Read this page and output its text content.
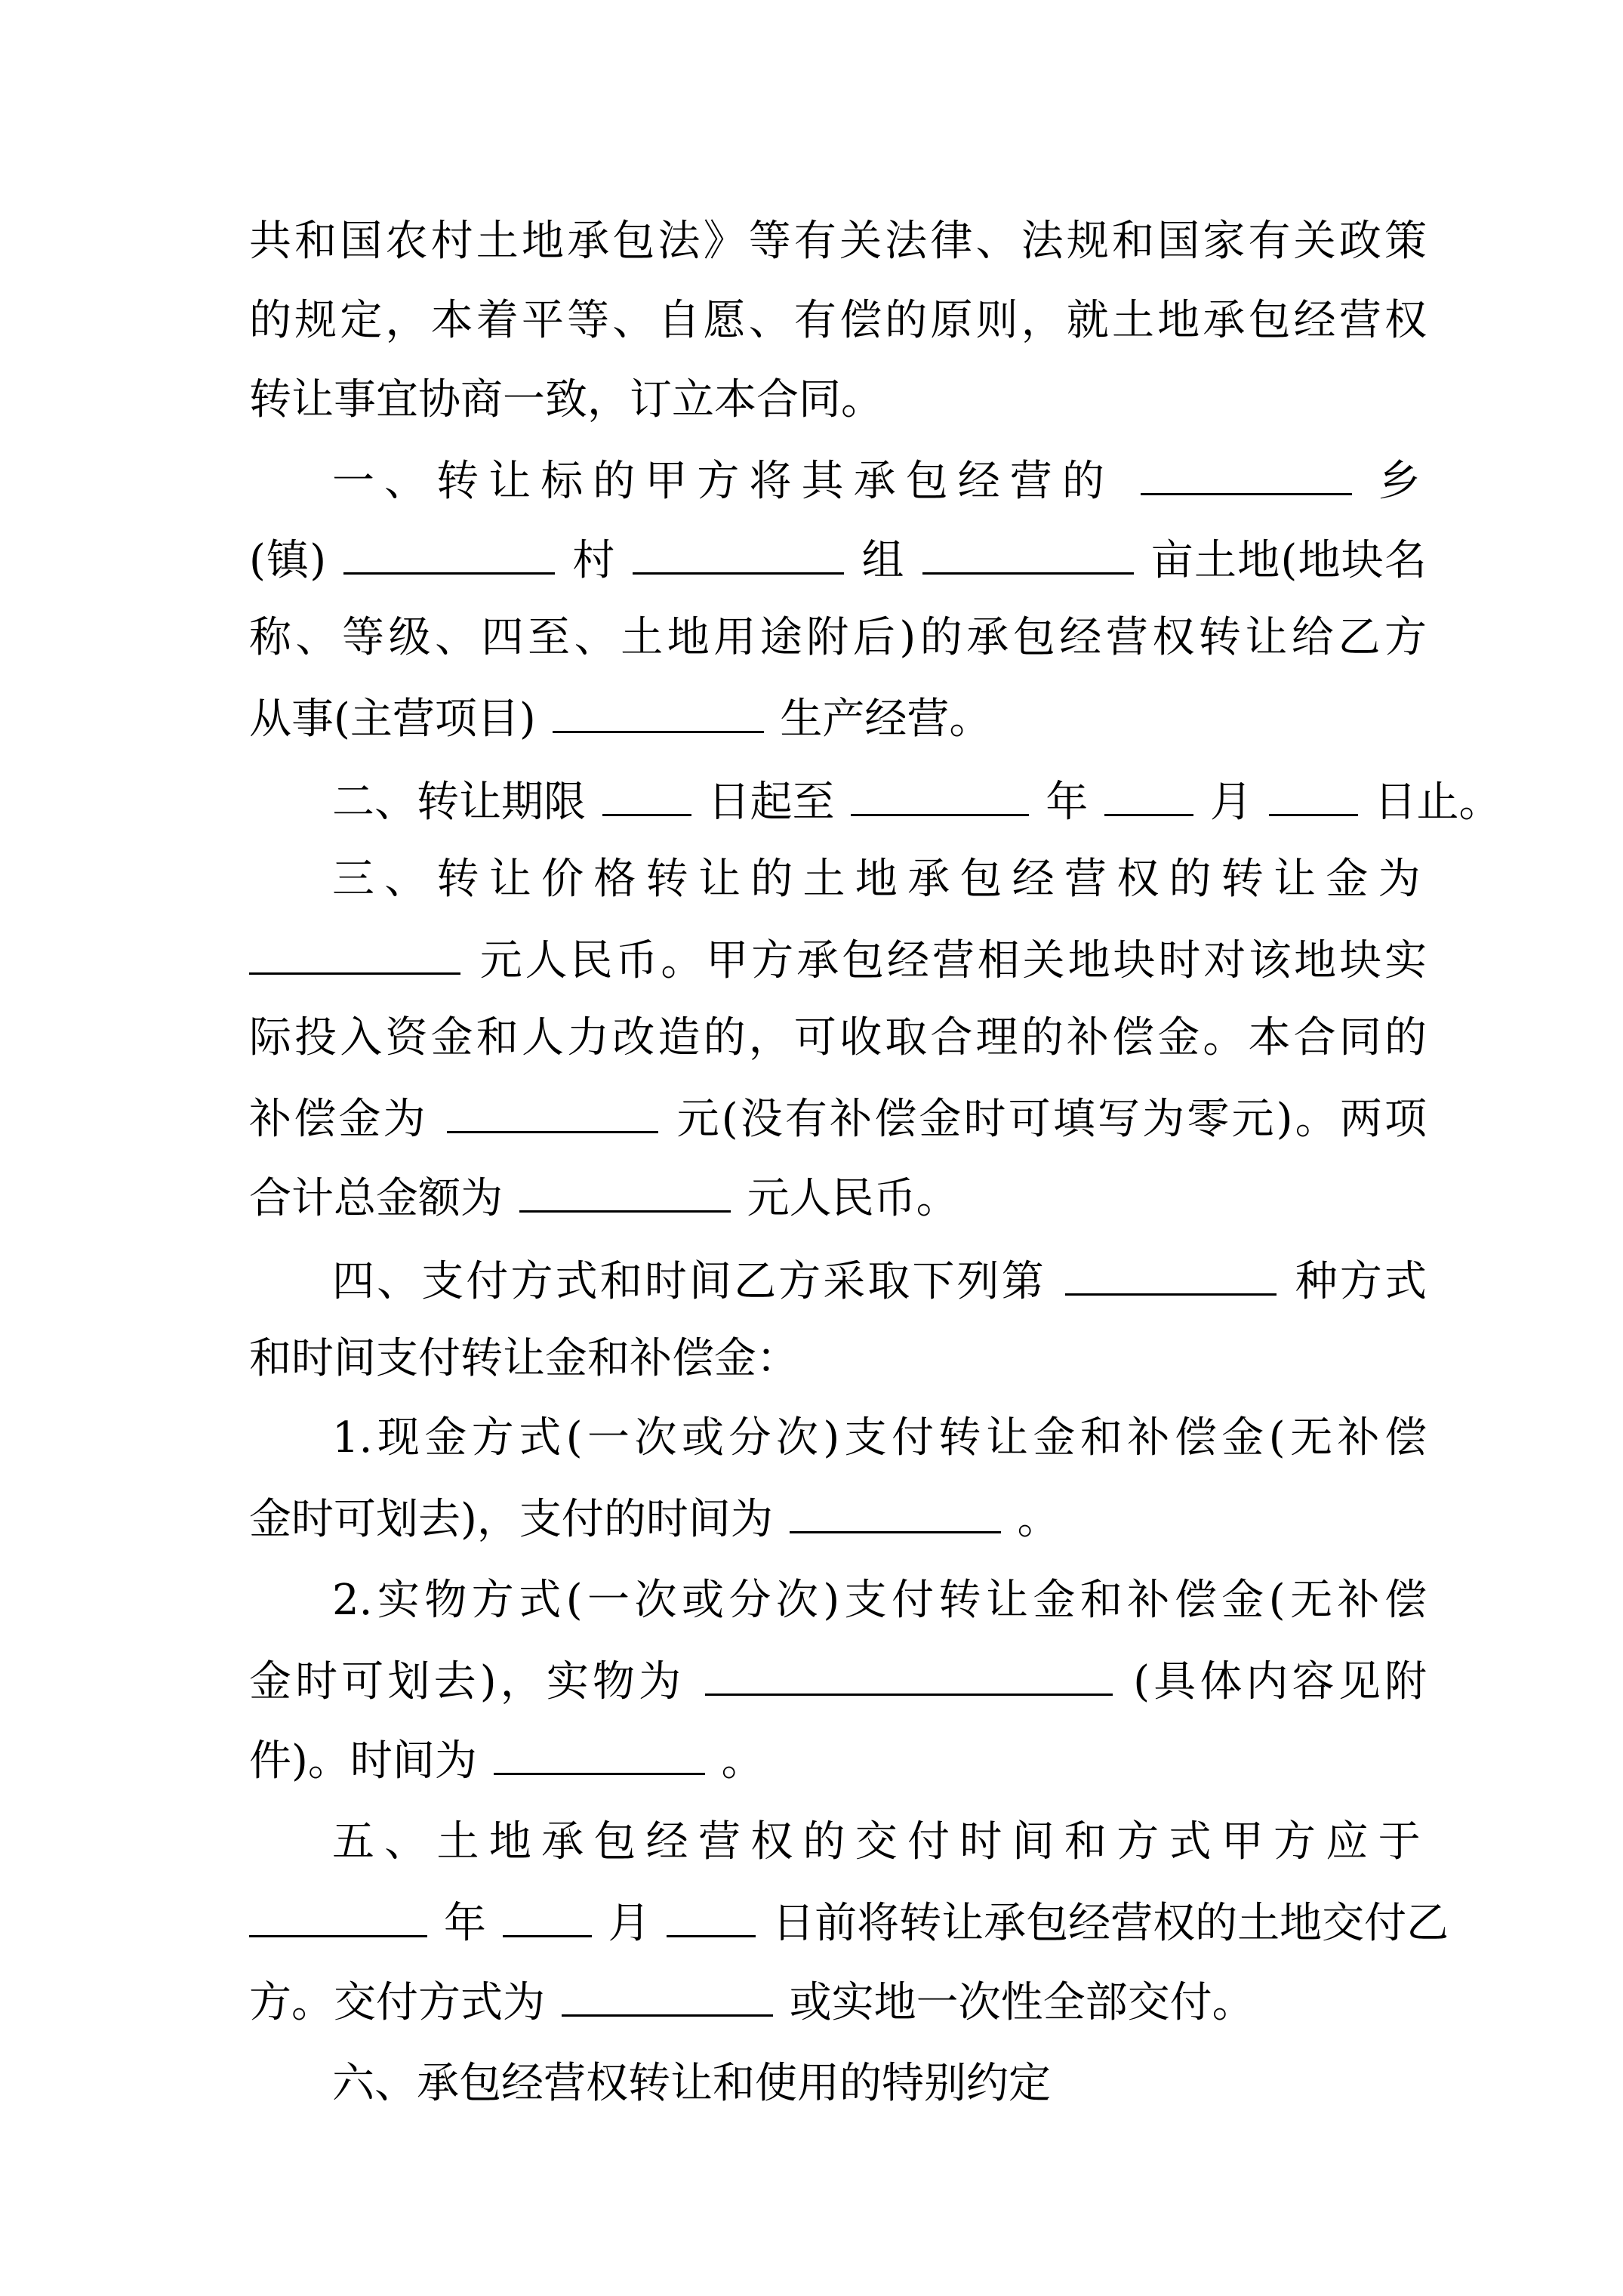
共和国农村土地承包法》等有关法律、法规和国家有关政策
的规定，本着平等、自愿、有偿的原则，就土地承包经营权
转让事宜协商一致，订立本合同。
一、转让标的甲方将其承包经营的	乡
(镇)	村	组	亩土地(地块名
称、等级、四至、土地用途附后)的承包经营权转让给乙方
从事(主营项目)	生产经营。
二、转让期限	日起至	年	月	日止。
三、转让价格转让的土地承包经营权的转让金为
元人民币。甲方承包经营相关地块时对该地块实
际投入资金和人力改造的，可收取合理的补偿金。本合同的
补偿金为	元(没有补偿金时可填写为零元)。两项
合计总金额为	元人民币。
四、支付方式和时间乙方采取下列第	种方式
和时间支付转让金和补偿金：
1.现金方式(一次或分次)支付转让金和补偿金(无补偿
金时可划去)，支付的时间为	。
2.实物方式(一次或分次)支付转让金和补偿金(无补偿
金时可划去)，实物为	(具体内容见附
件)。时间为	。
五、土地承包经营权的交付时间和方式甲方应于
年	月	日前将转让承包经营权的土地交付乙
方。交付方式为	或实地一次性全部交付。
六、承包经营权转让和使用的特别约定
